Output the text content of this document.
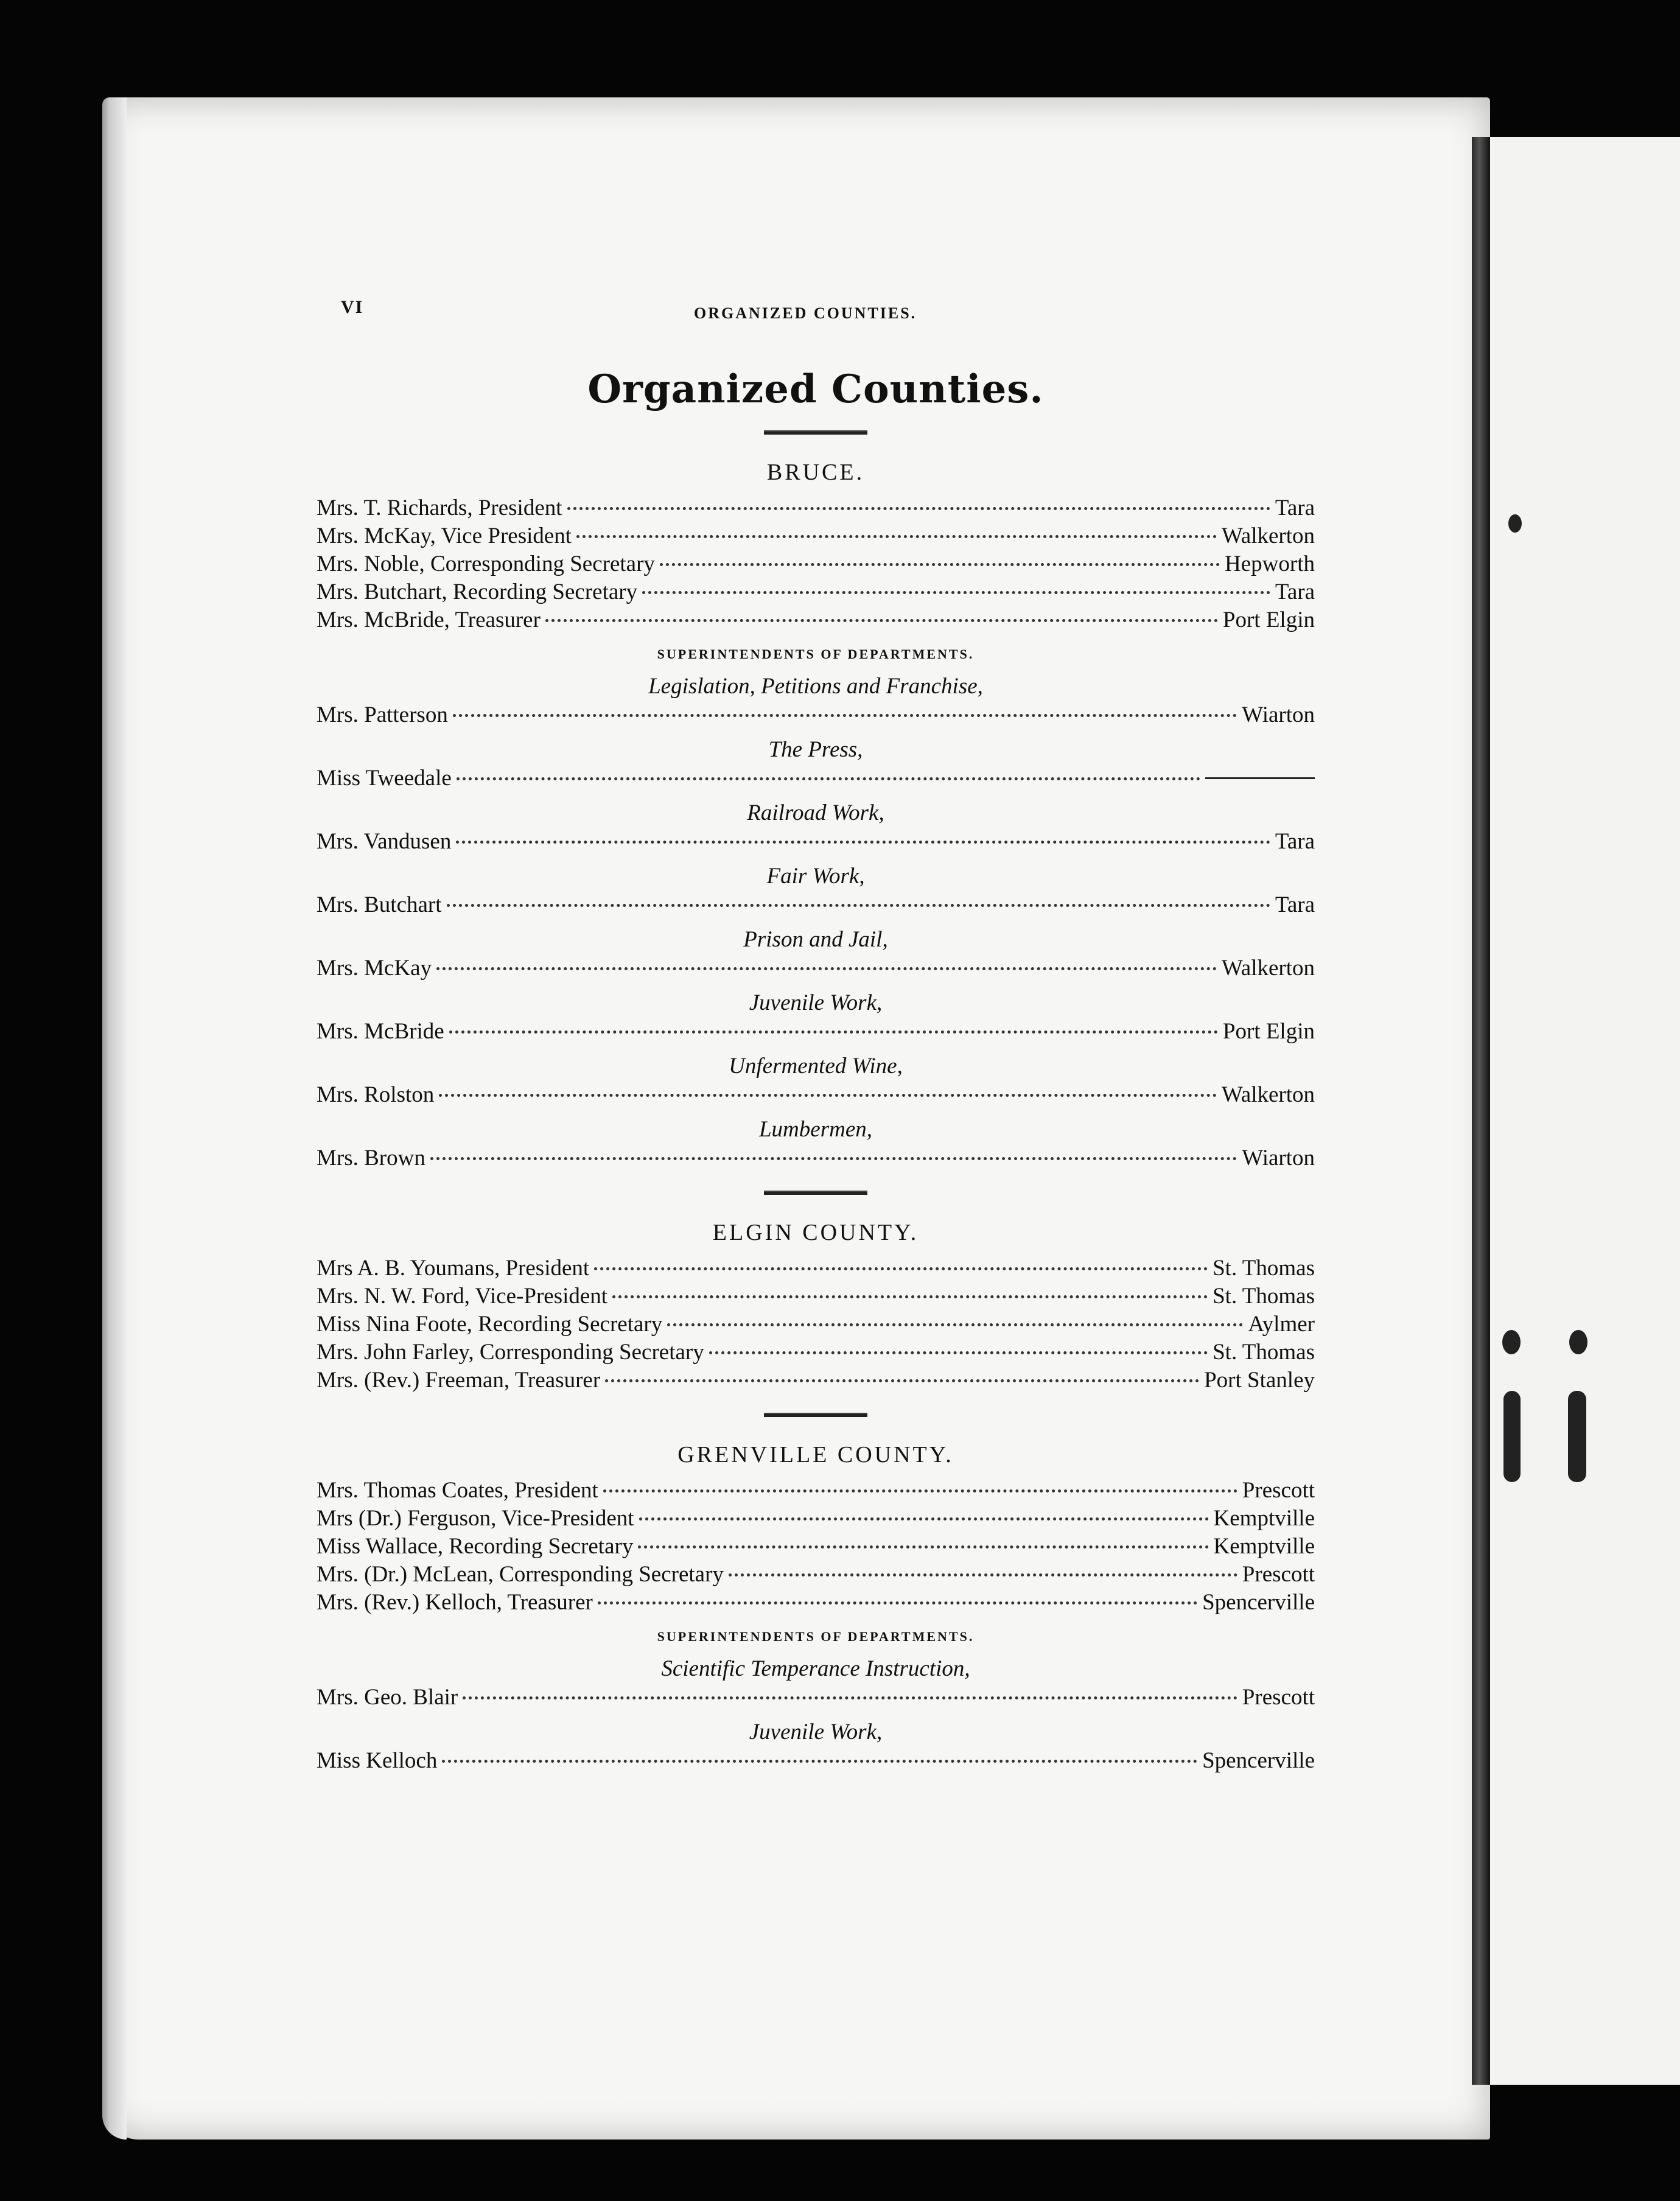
VI	ORGANIZED COUNTIES.
Organized Counties.
BRUCE.
Mrs. T. Richards, President	Tara
Mrs. McKay, Vice President	Walkerton
Mrs. Noble, Corresponding Secretary	Hepworth
Mrs. Butchart, Recording Secretary	Tara
Mrs. McBride, Treasurer	Port Elgin
SUPERINTENDENTS OF DEPARTMENTS.
Legislation, Petitions and Franchise,
Mrs. Patterson	Wiarton
The Press,
Miss Tweedale
Railroad Work,
Mrs. Vandusen	Tara
Fair Work,
Mrs. Butchart	Tara
Prison and Jail,
Mrs. McKay	Walkerton
Juvenile Work,
Mrs. McBride	Port Elgin
Unfermented Wine,
Mrs. Rolston	Walkerton
Lumbermen,
Mrs. Brown	Wiarton
ELGIN COUNTY.
Mrs A. B. Youmans, President	St. Thomas
Mrs. N. W. Ford, Vice-President	St. Thomas
Miss Nina Foote, Recording Secretary	Aylmer
Mrs. John Farley, Corresponding Secretary	St. Thomas
Mrs. (Rev.) Freeman, Treasurer	Port Stanley
GRENVILLE COUNTY.
Mrs. Thomas Coates, President	Prescott
Mrs (Dr.) Ferguson, Vice-President	Kemptville
Miss Wallace, Recording Secretary	Kemptville
Mrs. (Dr.) McLean, Corresponding Secretary	Prescott
Mrs. (Rev.) Kelloch, Treasurer	Spencerville
SUPERINTENDENTS OF DEPARTMENTS.
Scientific Temperance Instruction,
Mrs. Geo. Blair	Prescott
Juvenile Work,
Miss Kelloch	Spencerville
